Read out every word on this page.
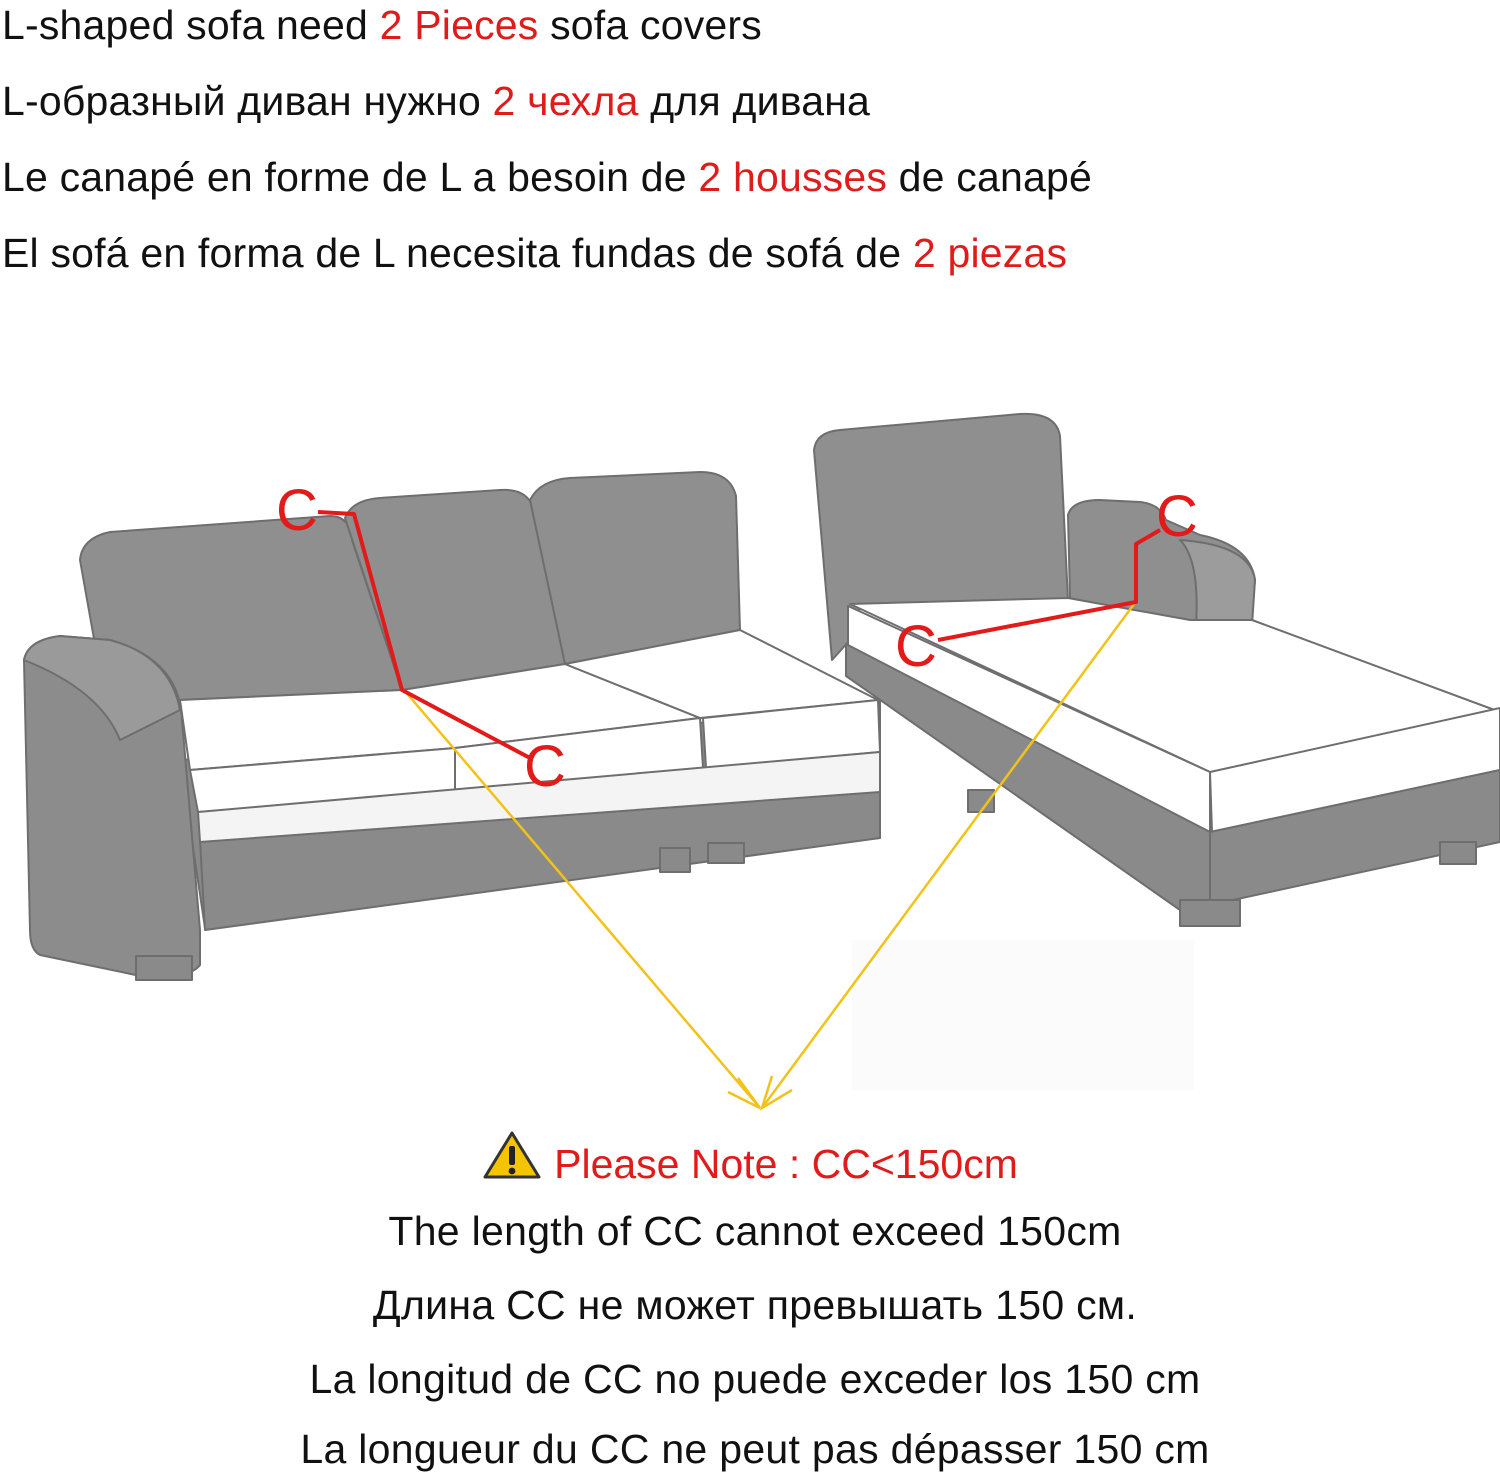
L-shaped sofa need 2 Pieces sofa covers
L-образный диван нужно 2 чехла для дивана
Le canapé en forme de L a besoin de 2 housses de canapé
El sofá en forma de L necesita fundas de sofá de 2 piezas
C
C
C
C
Please Note : CC<150cm
The length of CC cannot exceed 150cm
Длина CC не может превышать 150 см.
La longitud de CC no puede exceder los 150 cm
La longueur du CC ne peut pas dépasser 150 cm
